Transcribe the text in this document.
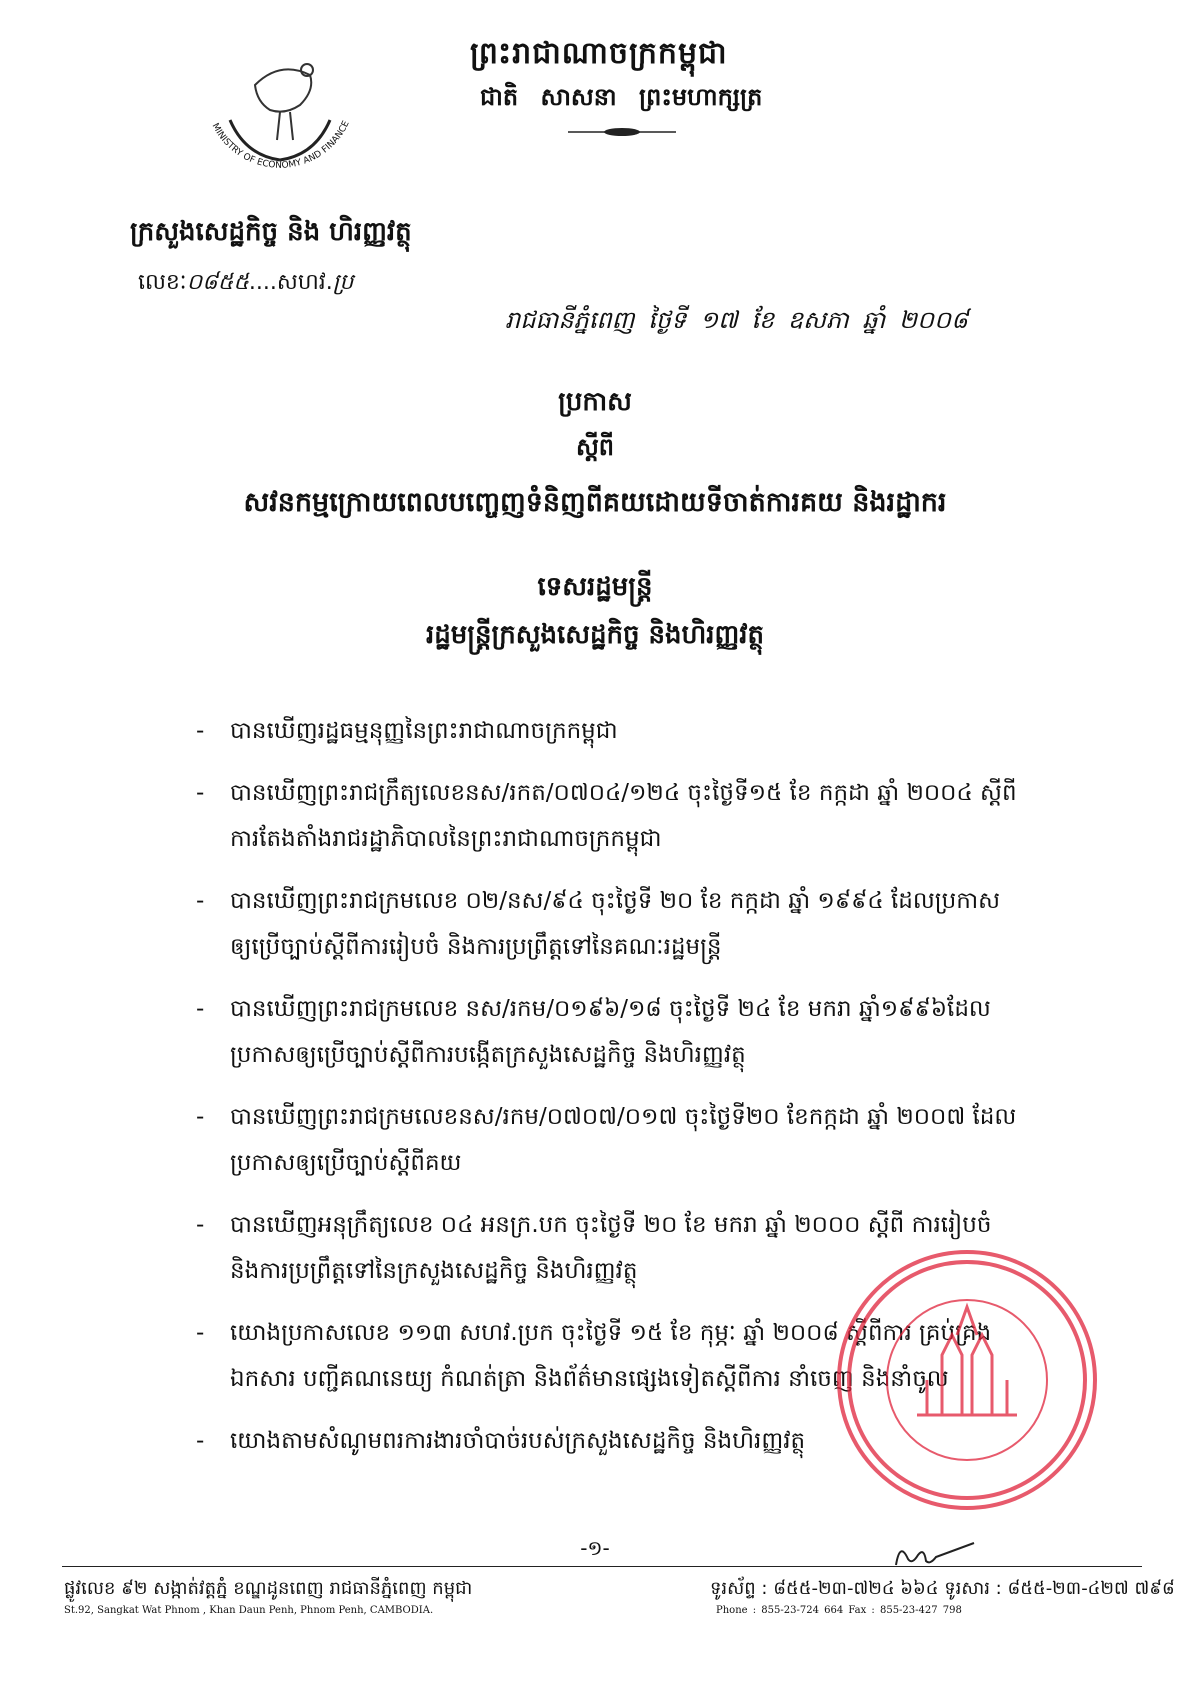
MINISTRY OF ECONOMY AND FINANCE
ក្រសួងសេដ្ឋកិច្ច និង ហិរញ្ញវត្ថុ
លេខៈ០៨៥៥....សហវ.ប្រ
ព្រះរាជាណាចក្រកម្ពុជា
ជាតិ សាសនា ព្រះមហាក្សត្រ
រាជធានីភ្នំពេញ ថ្ងៃទី ១៧ ខែ ឧសភា ឆ្នាំ ២០០៨
ប្រកាស
ស្តីពី
សវនកម្មក្រោយពេលបញ្ចេញទំនិញពីគយដោយទីចាត់ការគយ និងរដ្ឋាករ
ទេសរដ្ឋមន្ត្រី
រដ្ឋមន្ត្រីក្រសួងសេដ្ឋកិច្ច និងហិរញ្ញវត្ថុ
- បានឃើញរដ្ឋធម្មនុញ្ញនៃព្រះរាជាណាចក្រកម្ពុជា
- បានឃើញព្រះរាជក្រឹត្យលេខនស/រកត/០៧០៤/១២៤ ចុះថ្ងៃទី១៥ ខែ កក្កដា ឆ្នាំ ២០០៤ ស្តីពីការតែងតាំងរាជរដ្ឋាភិបាលនៃព្រះរាជាណាចក្រកម្ពុជា
- បានឃើញព្រះរាជក្រមលេខ ០២/នស/៩៤ ចុះថ្ងៃទី ២០ ខែ កក្កដា ឆ្នាំ ១៩៩៤ ដែលប្រកាសឲ្យប្រើច្បាប់ស្តីពីការរៀបចំ និងការប្រព្រឹត្តទៅនៃគណៈរដ្ឋមន្ត្រី
- បានឃើញព្រះរាជក្រមលេខ នស/រកម/០១៩៦/១៨ ចុះថ្ងៃទី ២៤ ខែ មករា ឆ្នាំ១៩៩៦ដែលប្រកាសឲ្យប្រើច្បាប់ស្តីពីការបង្កើតក្រសួងសេដ្ឋកិច្ច និងហិរញ្ញវត្ថុ
- បានឃើញព្រះរាជក្រមលេខនស/រកម/០៧០៧/០១៧ ចុះថ្ងៃទី២០ ខែកក្កដា ឆ្នាំ ២០០៧ ដែលប្រកាសឲ្យប្រើច្បាប់ស្តីពីគយ
- បានឃើញអនុក្រឹត្យលេខ ០៤ អនក្រ.បក ចុះថ្ងៃទី ២០ ខែ មករា ឆ្នាំ ២០០០ ស្តីពី ការរៀបចំ និងការប្រព្រឹត្តទៅនៃក្រសួងសេដ្ឋកិច្ច និងហិរញ្ញវត្ថុ
- យោងប្រកាសលេខ ១១៣ សហវ.ប្រក ចុះថ្ងៃទី ១៥ ខែ កុម្ភៈ ឆ្នាំ ២០០៨ ស្តីពីការ គ្រប់គ្រងឯកសារ បញ្ជីគណនេយ្យ កំណត់ត្រា និងព័ត៌មានផ្សេងទៀតស្តីពីការ នាំចេញ និងនាំចូល
- យោងតាមសំណូមពរការងារចាំបាច់របស់ក្រសួងសេដ្ឋកិច្ច និងហិរញ្ញវត្ថុ
-១-
ផ្លូវលេខ ៩២ សង្កាត់វត្តភ្នំ ខណ្ឌដូនពេញ រាជធានីភ្នំពេញ កម្ពុជា
St.92, Sangkat Wat Phnom , Khan Daun Penh, Phnom Penh, CAMBODIA.
ទូរស័ព្ទ : ៨៥៥-២៣-៧២៤ ៦៦៤ ទូរសារ : ៨៥៥-២៣-៤២៧ ៧៩៨
Phone : 855-23-724 664 Fax : 855-23-427 798
